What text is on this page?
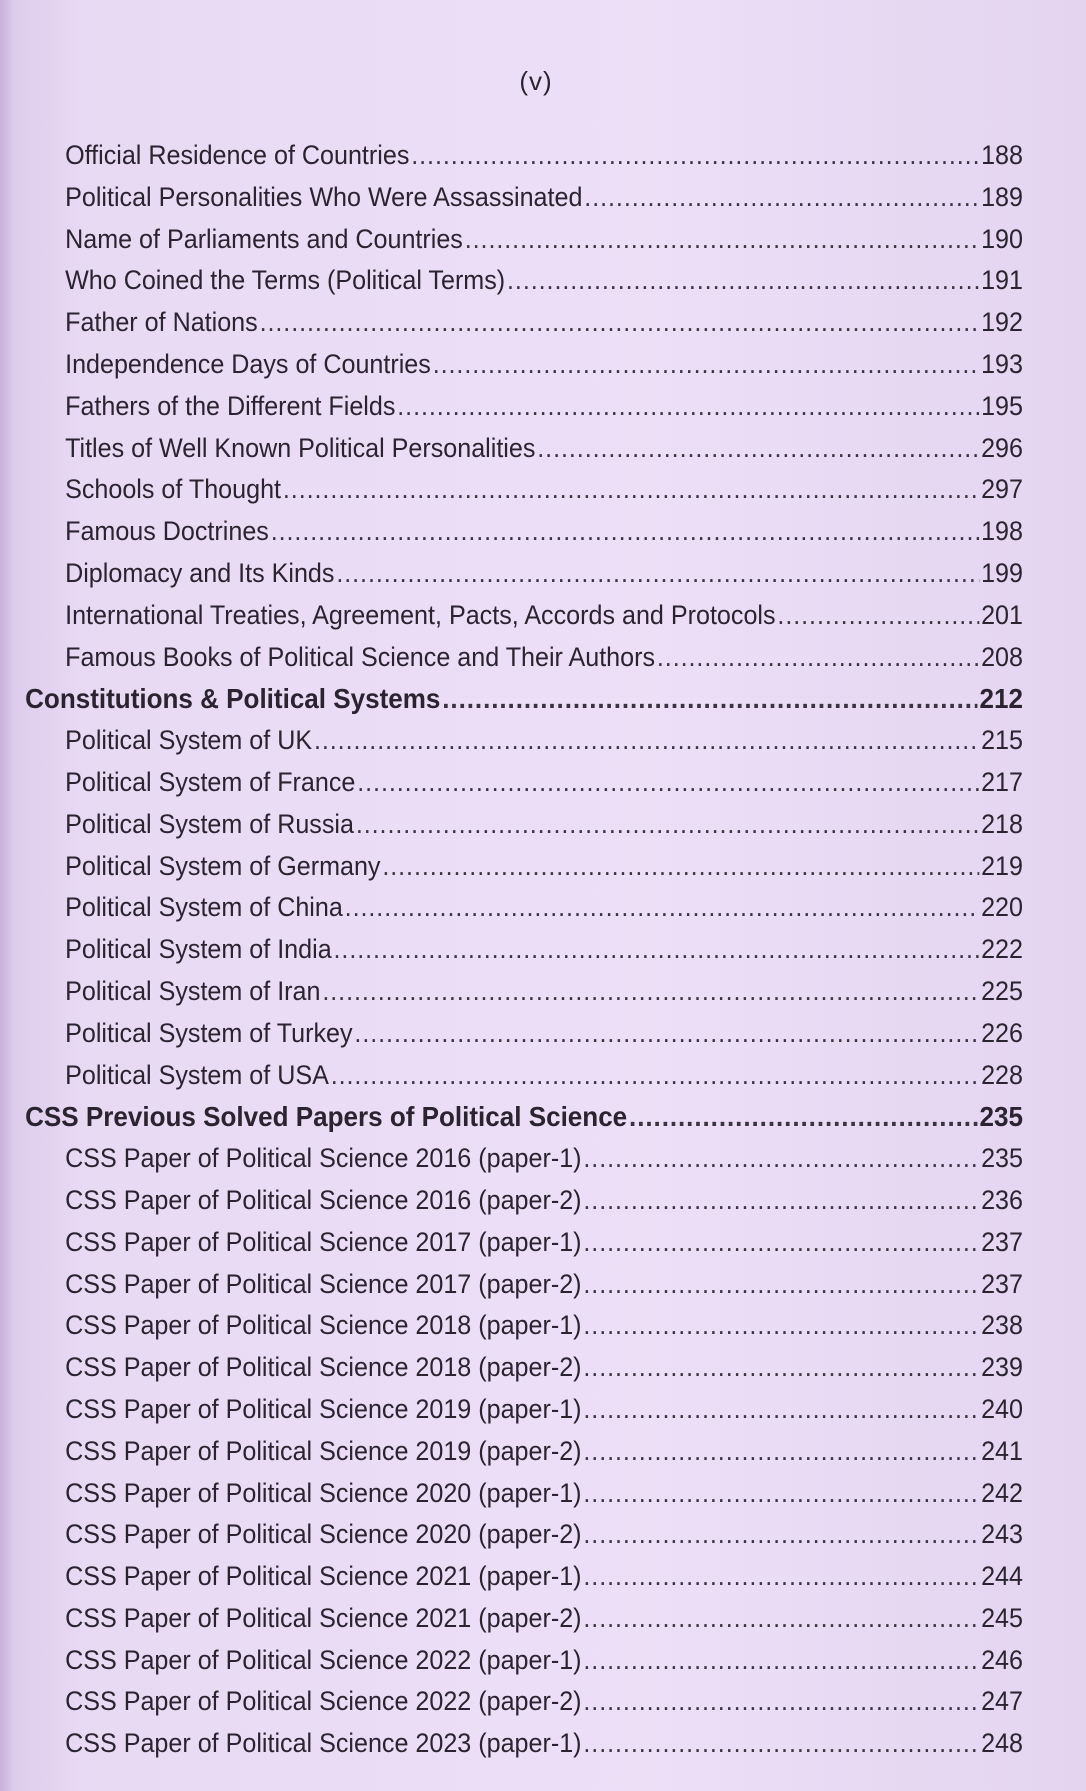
(v)
Official Residence of Countries .....	188
Political Personalities Who Were Assassinated .....	189
Name of Parliaments and Countries .....	190
Who Coined the Terms (Political Terms) .....	191
Father of Nations .....	192
Independence Days of Countries .....	193
Fathers of the Different Fields .....	195
Titles of Well Known Political Personalities .....	296
Schools of Thought .....	297
Famous Doctrines .....	198
Diplomacy and Its Kinds .....	199
International Treaties, Agreement, Pacts, Accords and Protocols .....	201
Famous Books of Political Science and Their Authors .....	208
Constitutions & Political Systems .....	212
Political System of UK .....	215
Political System of France .....	217
Political System of Russia .....	218
Political System of Germany .....	219
Political System of China .....	220
Political System of India .....	222
Political System of Iran .....	225
Political System of Turkey .....	226
Political System of USA .....	228
CSS Previous Solved Papers of Political Science .....	235
CSS Paper of Political Science 2016 (paper-1) .....	235
CSS Paper of Political Science 2016 (paper-2) .....	236
CSS Paper of Political Science 2017 (paper-1) .....	237
CSS Paper of Political Science 2017 (paper-2) .....	237
CSS Paper of Political Science 2018 (paper-1) .....	238
CSS Paper of Political Science 2018 (paper-2) .....	239
CSS Paper of Political Science 2019 (paper-1) .....	240
CSS Paper of Political Science 2019 (paper-2) .....	241
CSS Paper of Political Science 2020 (paper-1) .....	242
CSS Paper of Political Science 2020 (paper-2) .....	243
CSS Paper of Political Science 2021 (paper-1) .....	244
CSS Paper of Political Science 2021 (paper-2) .....	245
CSS Paper of Political Science 2022 (paper-1) .....	246
CSS Paper of Political Science 2022 (paper-2) .....	247
CSS Paper of Political Science 2023 (paper-1) .....	248
